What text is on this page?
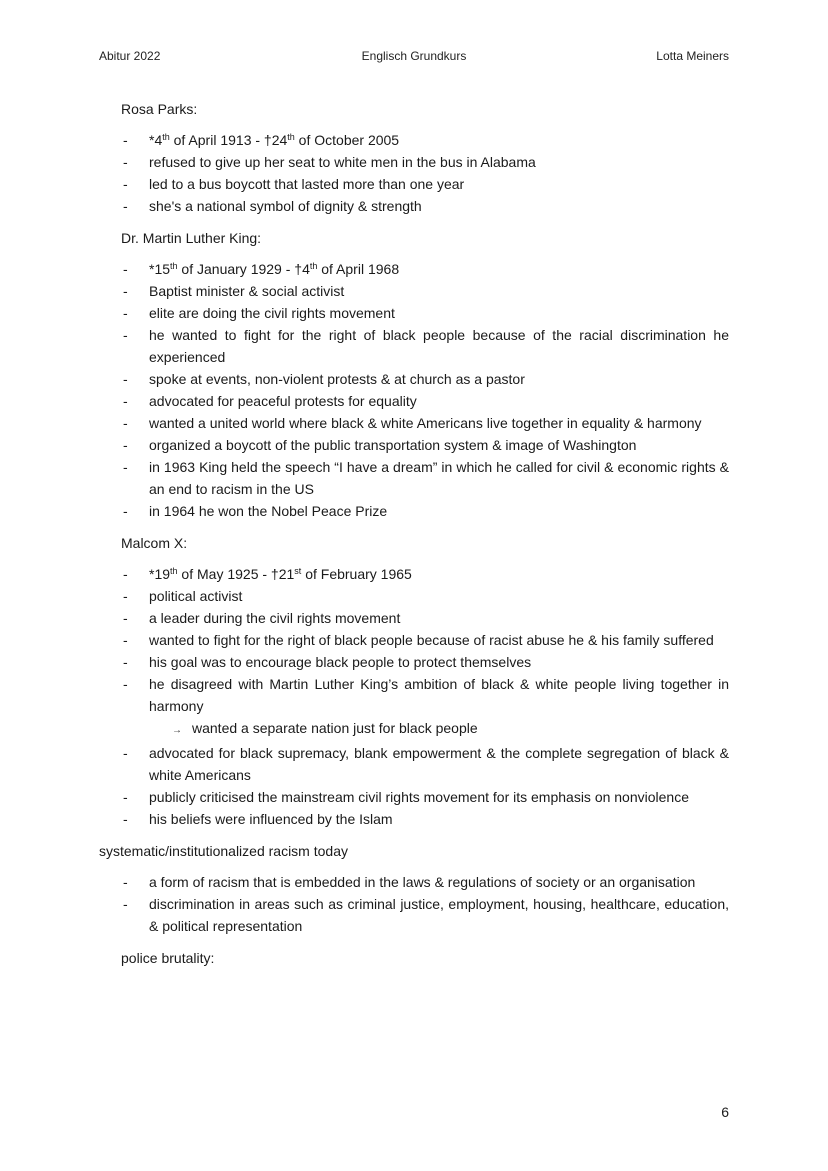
Abitur 2022	Englisch Grundkurs	Lotta Meiners
Rosa Parks:
- *4th of April 1913 - †24th of October 2005
- refused to give up her seat to white men in the bus in Alabama
- led to a bus boycott that lasted more than one year
- she's a national symbol of dignity & strength
Dr. Martin Luther King:
- *15th of January 1929 - †4th of April 1968
- Baptist minister & social activist
- elite are doing the civil rights movement
- he wanted to fight for the right of black people because of the racial discrimination he experienced
- spoke at events, non-violent protests & at church as a pastor
- advocated for peaceful protests for equality
- wanted a united world where black & white Americans live together in equality & harmony
- organized a boycott of the public transportation system & image of Washington
- in 1963 King held the speech “I have a dream” in which he called for civil & economic rights & an end to racism in the US
- in 1964 he won the Nobel Peace Prize
Malcom X:
- *19th of May 1925 - †21st of February 1965
- political activist
- a leader during the civil rights movement
- wanted to fight for the right of black people because of racist abuse he & his family suffered
- his goal was to encourage black people to protect themselves
- he disagreed with Martin Luther King’s ambition of black & white people living together in harmony
→ wanted a separate nation just for black people
- advocated for black supremacy, blank empowerment & the complete segregation of black & white Americans
- publicly criticised the mainstream civil rights movement for its emphasis on nonviolence
- his beliefs were influenced by the Islam
systematic/institutionalized racism today
- a form of racism that is embedded in the laws & regulations of society or an organisation
- discrimination in areas such as criminal justice, employment, housing, healthcare, education, & political representation
police brutality:
6
